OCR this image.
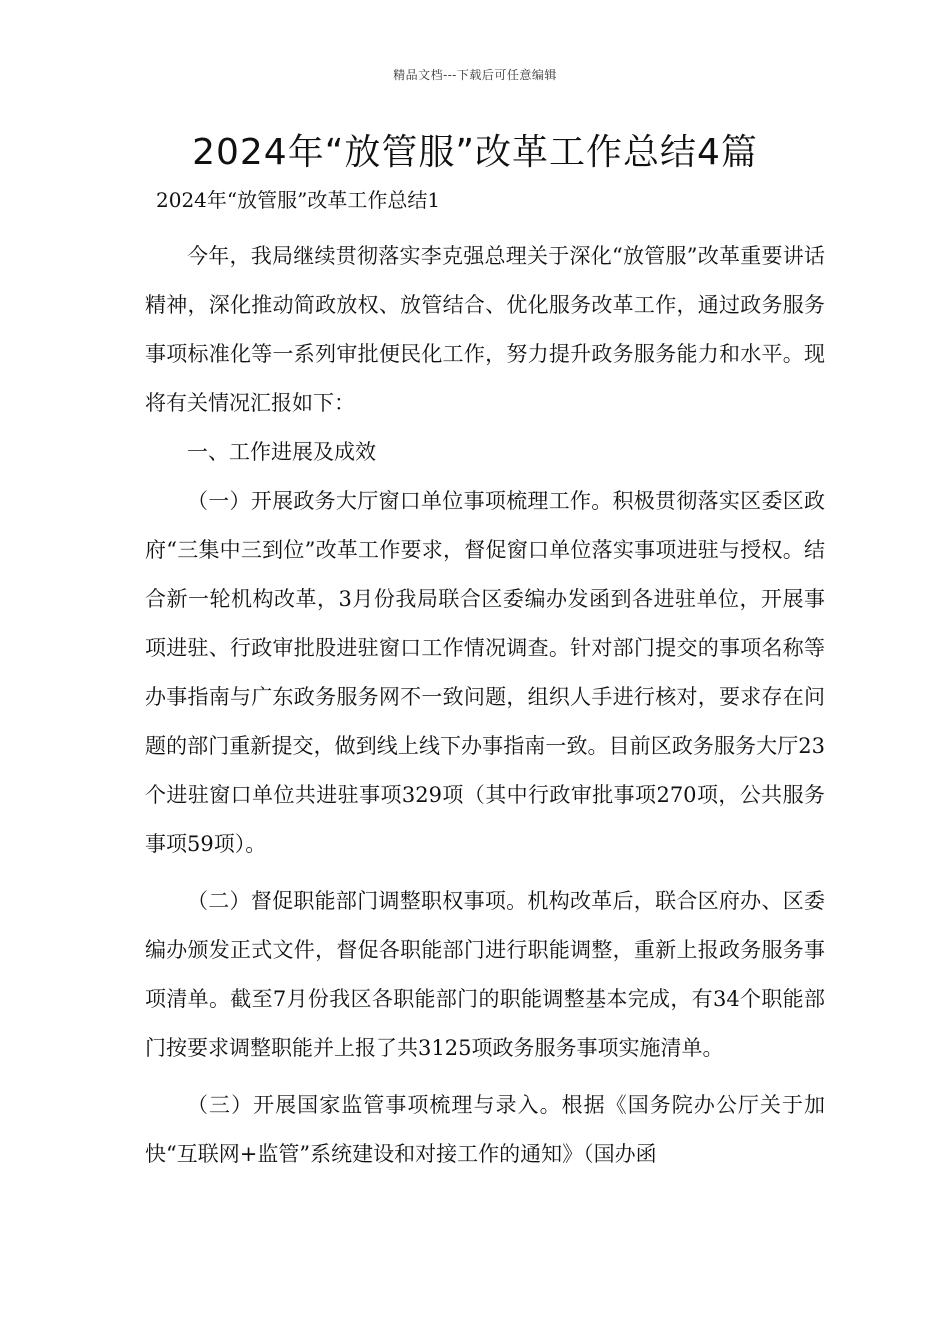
精品文档---下载后可任意编辑
2024年“放管服”改革工作总结4篇
2024年“放管服”改革工作总结1

今年，我局继续贯彻落实李克强总理关于深化“放管服”改革重要讲话精神，深化推动简政放权、放管结合、优化服务改革工作，通过政务服务事项标准化等一系列审批便民化工作，努力提升政务服务能力和水平。现将有关情况汇报如下：

一、工作进展及成效

（一）开展政务大厅窗口单位事项梳理工作。积极贯彻落实区委区政府“三集中三到位”改革工作要求，督促窗口单位落实事项进驻与授权。结合新一轮机构改革，3月份我局联合区委编办发函到各进驻单位，开展事项进驻、行政审批股进驻窗口工作情况调查。针对部门提交的事项名称等办事指南与广东政务服务网不一致问题，组织人手进行核对，要求存在问题的部门重新提交，做到线上线下办事指南一致。目前区政务服务大厅23个进驻窗口单位共进驻事项329项（其中行政审批事项270项，公共服务事项59项）。

（二）督促职能部门调整职权事项。机构改革后，联合区府办、区委编办颁发正式文件，督促各职能部门进行职能调整，重新上报政务服务事项清单。截至7月份我区各职能部门的职能调整基本完成，有34个职能部门按要求调整职能并上报了共3125项政务服务事项实施清单。

（三）开展国家监管事项梳理与录入。根据《国务院办公厅关于加快“互联网+监管”系统建设和对接工作的通知》（国办函
